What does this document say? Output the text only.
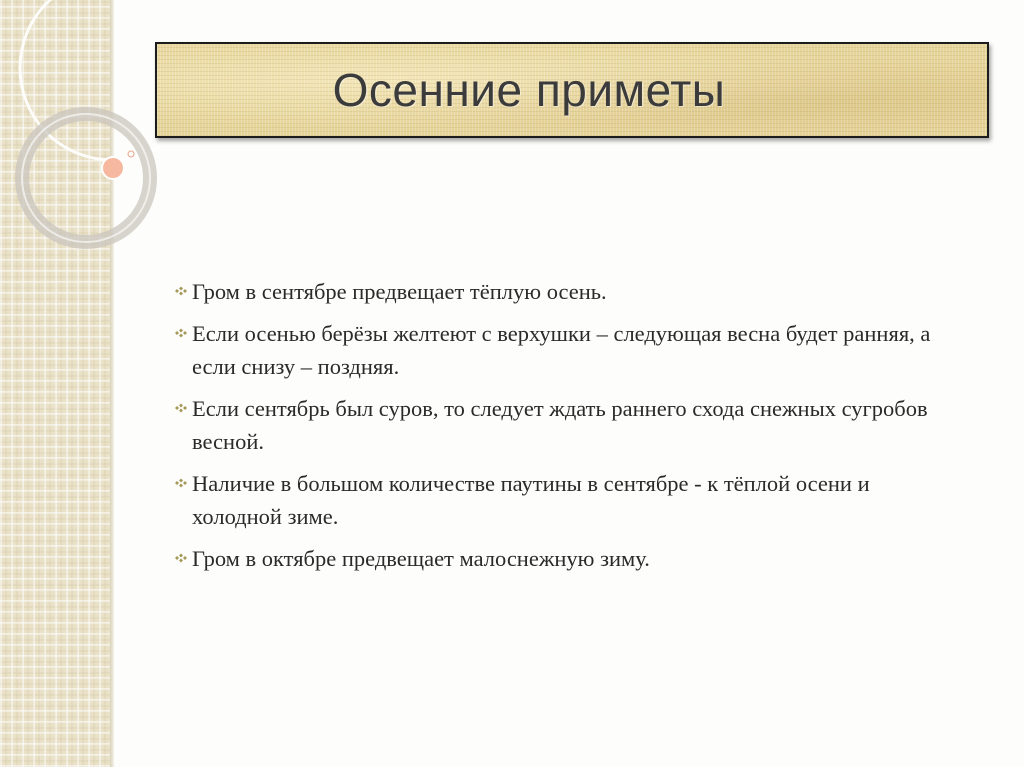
Осенние приметы
Гром в сентябре предвещает тёплую осень.
Если осенью берёзы желтеют с верхушки – следующая весна будет ранняя, а если снизу – поздняя.
Если сентябрь был суров, то следует ждать раннего схода снежных сугробов весной.
Наличие в большом количестве паутины в сентябре - к тёплой осени и холодной зиме.
Гром в октябре предвещает малоснежную зиму.
